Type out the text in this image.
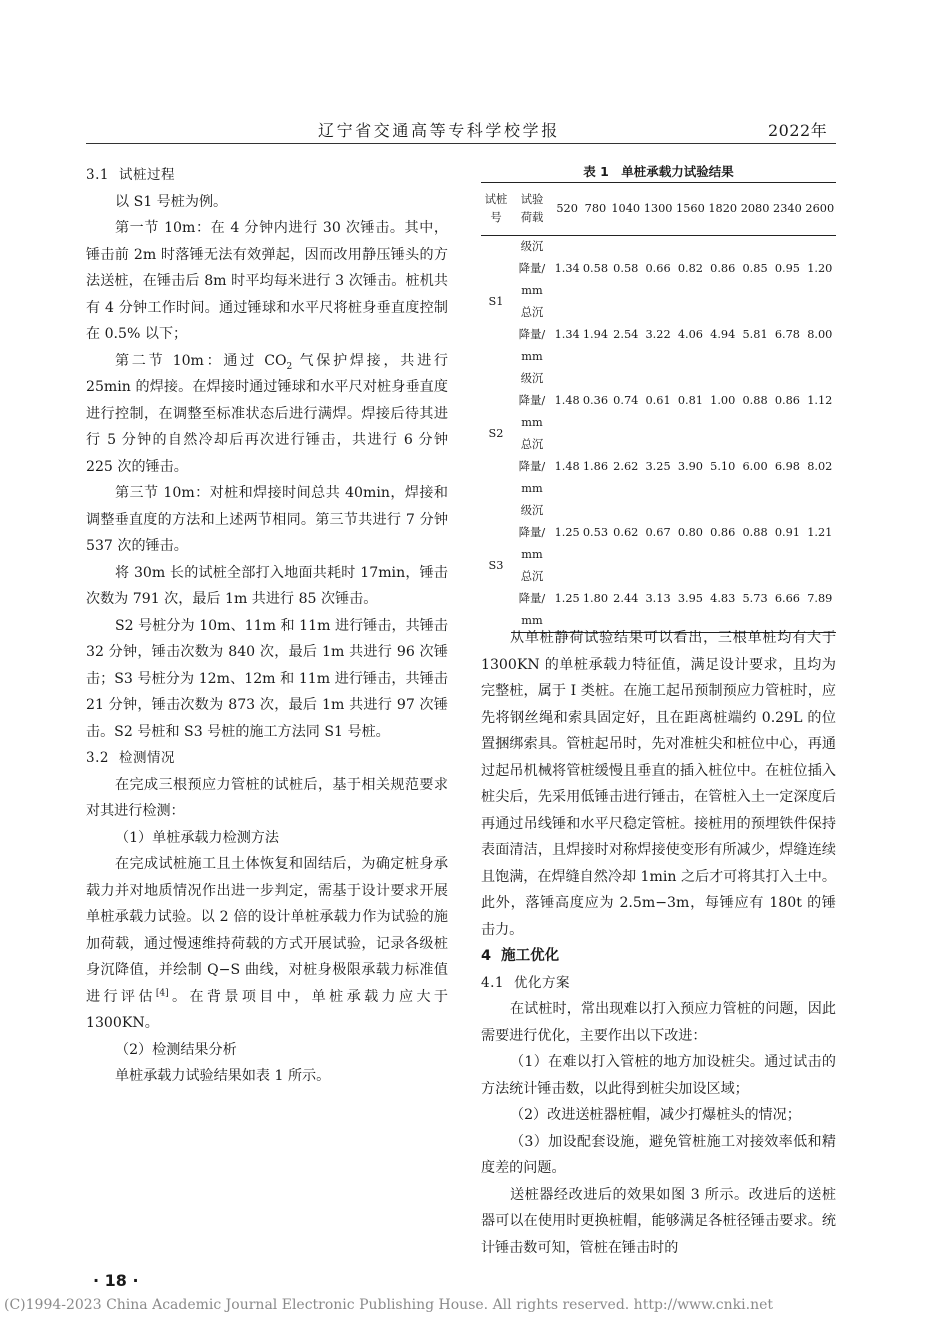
辽宁省交通高等专科学校学报	2022年
3.1 试桩过程

以 S1 号桩为例。

第一节 10m：在 4 分钟内进行 30 次锤击。其中，锤击前 2m 时落锤无法有效弹起，因而改用静压锤头的方法送桩，在锤击后 8m 时平均每米进行 3 次锤击。桩机共有 4 分钟工作时间。通过锤球和水平尺将桩身垂直度控制在 0.5% 以下；

第二节 10m：通过 $CO_2$ 气保护焊接，共进行 25min 的焊接。在焊接时通过锤球和水平尺对桩身垂直度进行控制，在调整至标准状态后进行满焊。焊接后待其进行 5 分钟的自然冷却后再次进行锤击，共进行 6 分钟 225 次的锤击。

第三节 10m：对桩和焊接时间总共 40min，焊接和调整垂直度的方法和上述两节相同。第三节共进行 7 分钟 537 次的锤击。

将 30m 长的试桩全部打入地面共耗时 17min，锤击次数为 791 次，最后 1m 共进行 85 次锤击。

S2 号桩分为 10m、11m 和 11m 进行锤击，共锤击 32 分钟，锤击次数为 840 次，最后 1m 共进行 96 次锤击；S3 号桩分为 12m、12m 和 11m 进行锤击，共锤击 21 分钟，锤击次数为 873 次，最后 1m 共进行 97 次锤击。S2 号桩和 S3 号桩的施工方法同 S1 号桩。

3.2 检测情况

在完成三根预应力管桩的试桩后，基于相关规范要求对其进行检测：

（1）单桩承载力检测方法

在完成试桩施工且土体恢复和固结后，为确定桩身承载力并对地质情况作出进一步判定，需基于设计要求开展单桩承载力试验。以 2 倍的设计单桩承载力作为试验的施加荷载，通过慢速维持荷载的方式开展试验，记录各级桩身沉降值，并绘制 Q−S 曲线，对桩身极限承载力标准值进行评估[4]。在背景项目中，单桩承载力应大于 1300KN。

（2）检测结果分析

单桩承载力试验结果如表 1 所示。

表 1　单桩承载力试验结果
试桩
号	试验
荷载	520	780	1040	1300	1560	1820	2080	2340	2600
S1	级沉
降量/
mm	1.34	0.58	0.58	0.66	0.82	0.86	0.85	0.95	1.20
	总沉
降量/
mm	1.34	1.94	2.54	3.22	4.06	4.94	5.81	6.78	8.00
S2	级沉
降量/
mm	1.48	0.36	0.74	0.61	0.81	1.00	0.88	0.86	1.12
	总沉
降量/
mm	1.48	1.86	2.62	3.25	3.90	5.10	6.00	6.98	8.02
S3	级沉
降量/
mm	1.25	0.53	0.62	0.67	0.80	0.86	0.88	0.91	1.21
	总沉
降量/
mm	1.25	1.80	2.44	3.13	3.95	4.83	5.73	6.66	7.89

从单桩静荷试验结果可以看出，三根单桩均有大于 1300KN 的单桩承载力特征值，满足设计要求，且均为完整桩，属于 I 类桩。在施工起吊预制预应力管桩时，应先将钢丝绳和索具固定好，且在距离桩端约 0.29L 的位置捆绑索具。管桩起吊时，先对准桩尖和桩位中心，再通过起吊机械将管桩缓慢且垂直的插入桩位中。在桩位插入桩尖后，先采用低锤击进行锤击，在管桩入土一定深度后再通过吊线锤和水平尺稳定管桩。接桩用的预埋铁件保持表面清洁，且焊接时对称焊接使变形有所减少，焊缝连续且饱满，在焊缝自然冷却 1min 之后才可将其打入土中。此外，落锤高度应为 2.5m−3m，每锤应有 180t 的锤击力。

4 施工优化
4.1 优化方案

在试桩时，常出现难以打入预应力管桩的问题，因此需要进行优化，主要作出以下改进：

（1）在难以打入管桩的地方加设桩尖。通过试击的方法统计锤击数，以此得到桩尖加设区域；

（2）改进送桩器桩帽，减少打爆桩头的情况；

（3）加设配套设施，避免管桩施工对接效率低和精度差的问题。

送桩器经改进后的效果如图 3 所示。改进后的送桩器可以在使用时更换桩帽，能够满足各桩径锤击要求。统计锤击数可知，管桩在锤击时的

· 18 ·
(C)1994-2023 China Academic Journal Electronic Publishing House. All rights reserved. http://www.cnki.net
